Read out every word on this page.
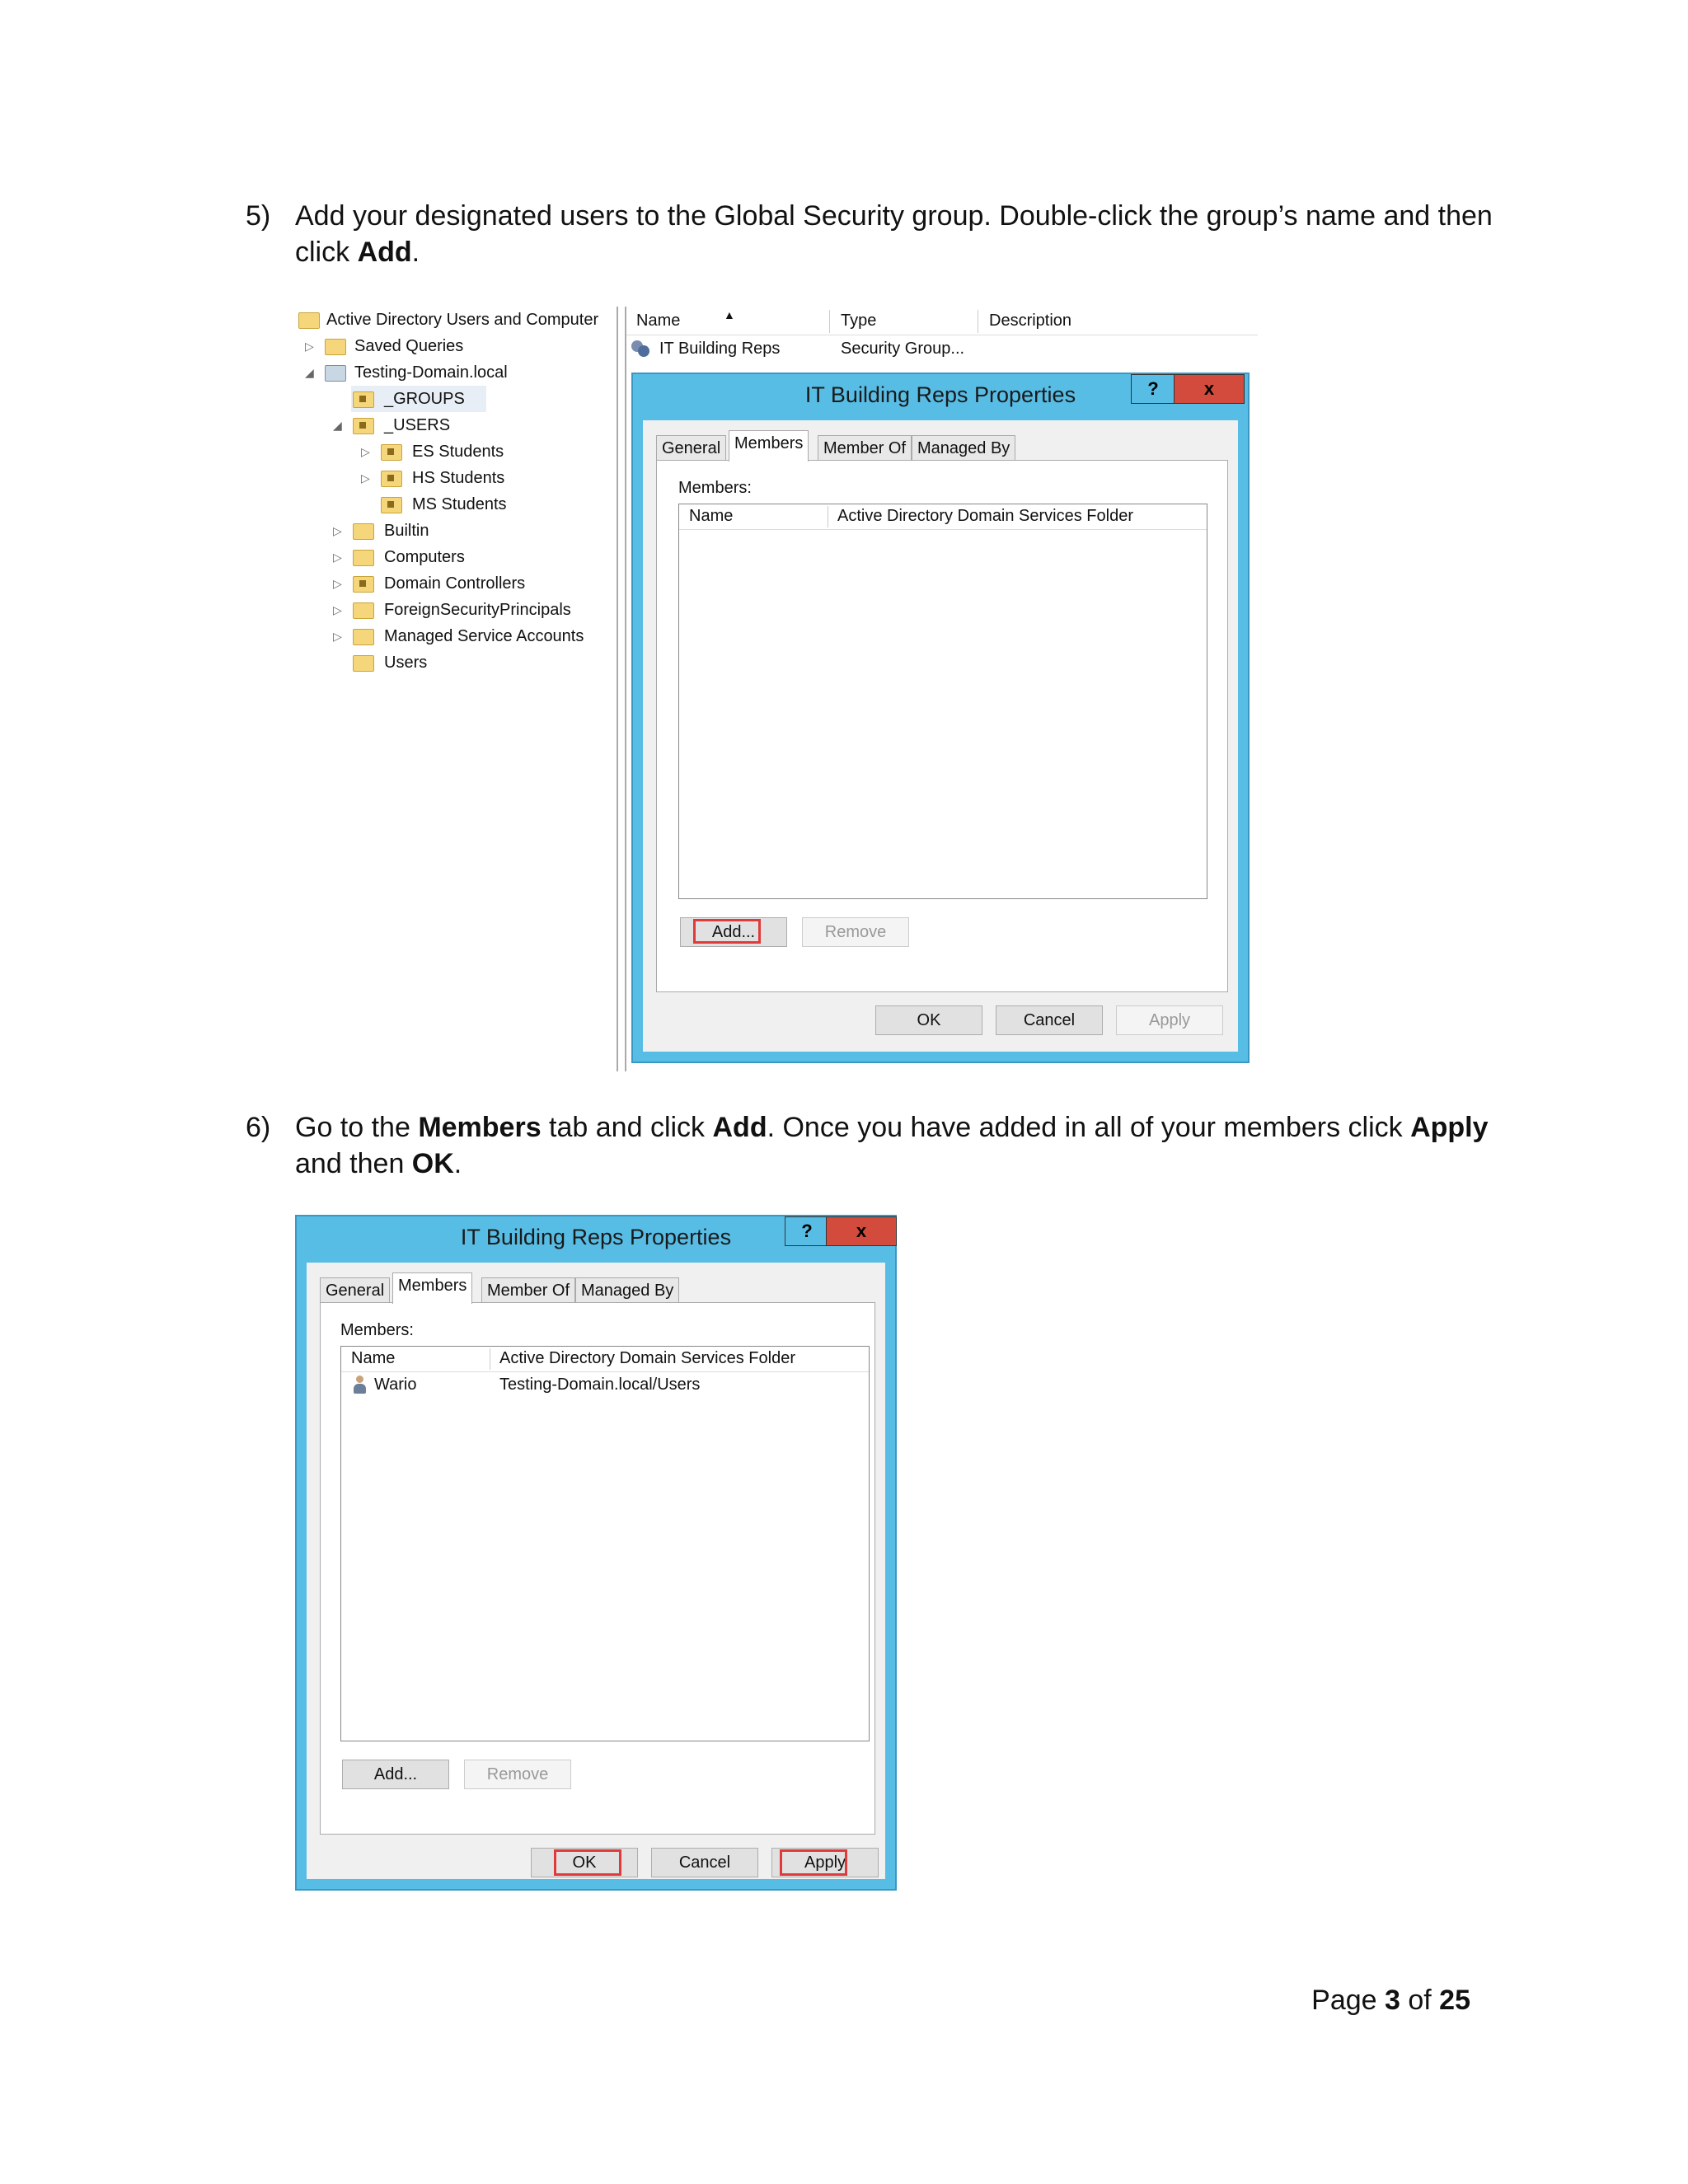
5) Add your designated users to the Global Security group. Double-click the group’s name and then click Add.
Active Directory Users and Computer
▷ Saved Queries
◢ Testing-Domain.local
_GROUPS
◢	_USERS
▷	ES Students
▷	HS Students
MS Students
▷	Builtin
▷	Computers
▷	Domain Controllers
▷	ForeignSecurityPrincipals
▷	Managed Service Accounts
Users
Name	▲	Type	Description
IT Building Reps	Security Group...
IT Building Reps Properties	?	x
General Members	Member Of Managed By
Members:
Name	Active Directory Domain Services Folder
Add...	Remove
OK	Cancel	Apply
6) Go to the Members tab and click Add. Once you have added in all of your members click Apply and then OK.
IT Building Reps Properties	?	x
General Members	Member Of Managed By
Members:
Name	Active Directory Domain Services Folder
Wario	Testing-Domain.local/Users
Add...	Remove
OK	Cancel	Apply
Page 3 of 25
